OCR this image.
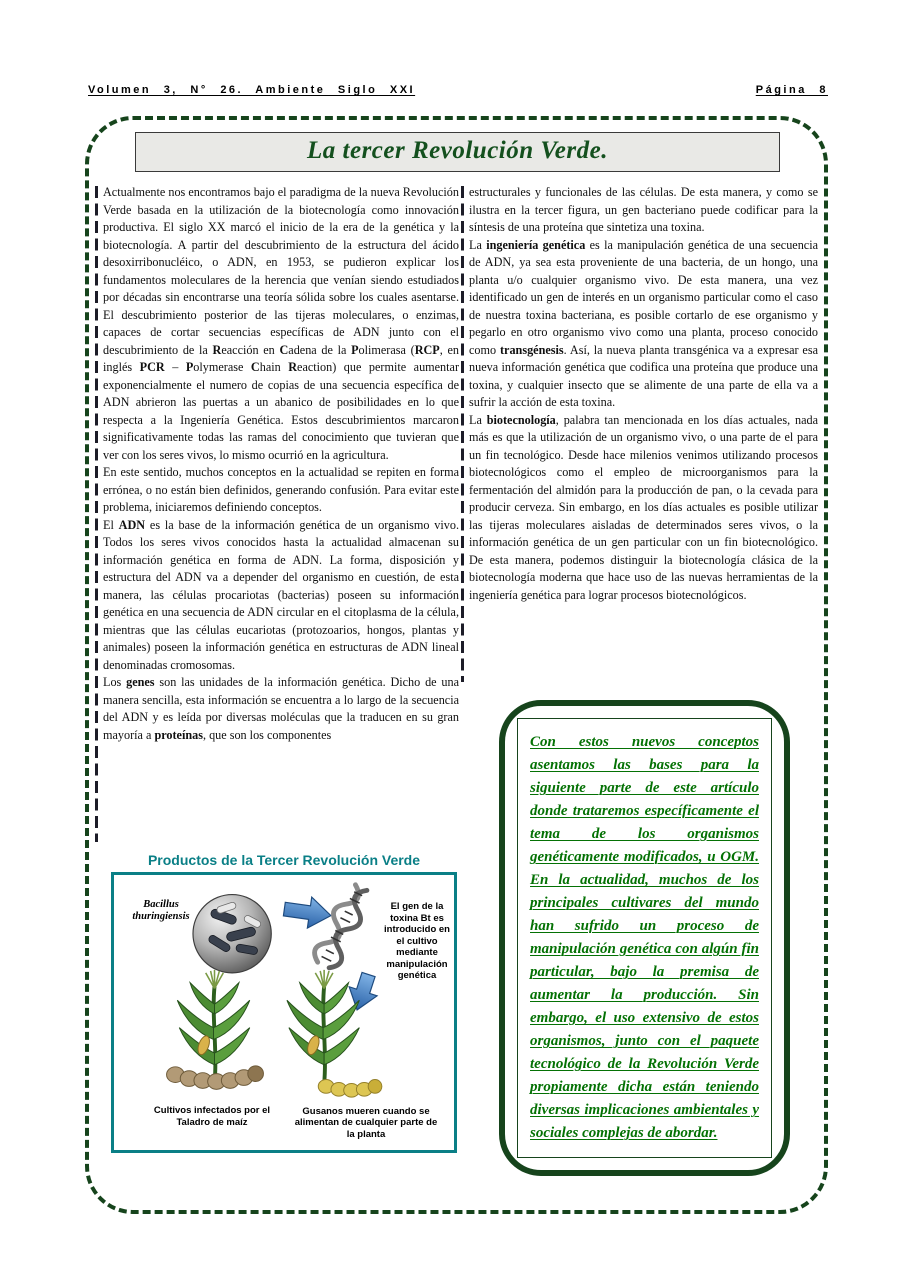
Volumen 3, N° 26. Ambiente Siglo XXI	Página 8
La tercer Revolución Verde.

Actualmente nos encontramos bajo el paradigma de la nueva Revolución Verde basada en la utilización de la biotecnología como innovación productiva. El siglo XX marcó el inicio de la era de la genética y la biotecnología. A partir del descubrimiento de la estructura del ácido desoxirribonucléico, o ADN, en 1953, se pudieron explicar los fundamentos moleculares de la herencia que venían siendo estudiados por décadas sin encontrarse una teoría sólida sobre los cuales asentarse. El descubrimiento posterior de las tijeras moleculares, o enzimas, capaces de cortar secuencias específicas de ADN junto con el descubrimiento de la Reacción en Cadena de la Polimerasa (RCP, en inglés PCR – Polymerase Chain Reaction) que permite aumentar exponencialmente el numero de copias de una secuencia específica de ADN abrieron las puertas a un abanico de posibilidades en lo que respecta a la Ingeniería Genética. Estos descubrimientos marcaron significativamente todas las ramas del conocimiento que tuvieran que ver con los seres vivos, lo mismo ocurrió en la agricultura.

En este sentido, muchos conceptos en la actualidad se repiten en forma errónea, o no están bien definidos, generando confusión. Para evitar este problema, iniciaremos definiendo conceptos.

El ADN es la base de la información genética de un organismo vivo. Todos los seres vivos conocidos hasta la actualidad almacenan su información genética en forma de ADN. La forma, disposición y estructura del ADN va a depender del organismo en cuestión, de esta manera, las células procariotas (bacterias) poseen su información genética en una secuencia de ADN circular en el citoplasma de la célula, mientras que las células eucariotas (protozoarios, hongos, plantas y animales) poseen la información genética en estructuras de ADN lineal denominadas cromosomas.

Los genes son las unidades de la información genética. Dicho de una manera sencilla, esta información se encuentra a lo largo de la secuencia del ADN y es leída por diversas moléculas que la traducen en su gran mayoría a proteínas, que son los componentes

Productos de la Tercer Revolución Verde
Bacillus thuringiensis
El gen de la toxina Bt es introducido en el cultivo mediante manipulación genética
Cultivos infectados por el Taladro de maíz
Gusanos mueren cuando se alimentan de cualquier parte de la planta

estructurales y funcionales de las células. De esta manera, y como se ilustra en la tercer figura, un gen bacteriano puede codificar para la síntesis de una proteína que sintetiza una toxina.

La ingeniería genética es la manipulación genética de una secuencia de ADN, ya sea esta proveniente de una bacteria, de un hongo, una planta u/o cualquier organismo vivo. De esta manera, una vez identificado un gen de interés en un organismo particular como el caso de nuestra toxina bacteriana, es posible cortarlo de ese organismo y pegarlo en otro organismo vivo como una planta, proceso conocido como transgénesis. Así, la nueva planta transgénica va a expresar esa nueva información genética que codifica una proteína que produce una toxina, y cualquier insecto que se alimente de una parte de ella va a sufrir la acción de esta toxina.

La biotecnología, palabra tan mencionada en los días actuales, nada más es que la utilización de un organismo vivo, o una parte de el para un fin tecnológico. Desde hace milenios venimos utilizando procesos biotecnológicos como el empleo de microorganismos para la fermentación del almidón para la producción de pan, o la cevada para producir cerveza. Sin embargo, en los días actuales es posible utilizar las tijeras moleculares aisladas de determinados seres vivos, o la información genética de un gen particular con un fin biotecnológico. De esta manera, podemos distinguir la biotecnología clásica de la biotecnología moderna que hace uso de las nuevas herramientas de la ingeniería genética para lograr procesos biotecnológicos.

Con estos nuevos conceptos asentamos las bases para la siguiente parte de este artículo donde trataremos específicamente el tema de los organismos genéticamente modificados, u OGM. En la actualidad, muchos de los principales cultivares del mundo han sufrido un proceso de manipulación genética con algún fin particular, bajo la premisa de aumentar la producción. Sin embargo, el uso extensivo de estos organismos, junto con el paquete tecnológico de la Revolución Verde propiamente dicha están teniendo diversas implicaciones ambientales y sociales complejas de abordar.
